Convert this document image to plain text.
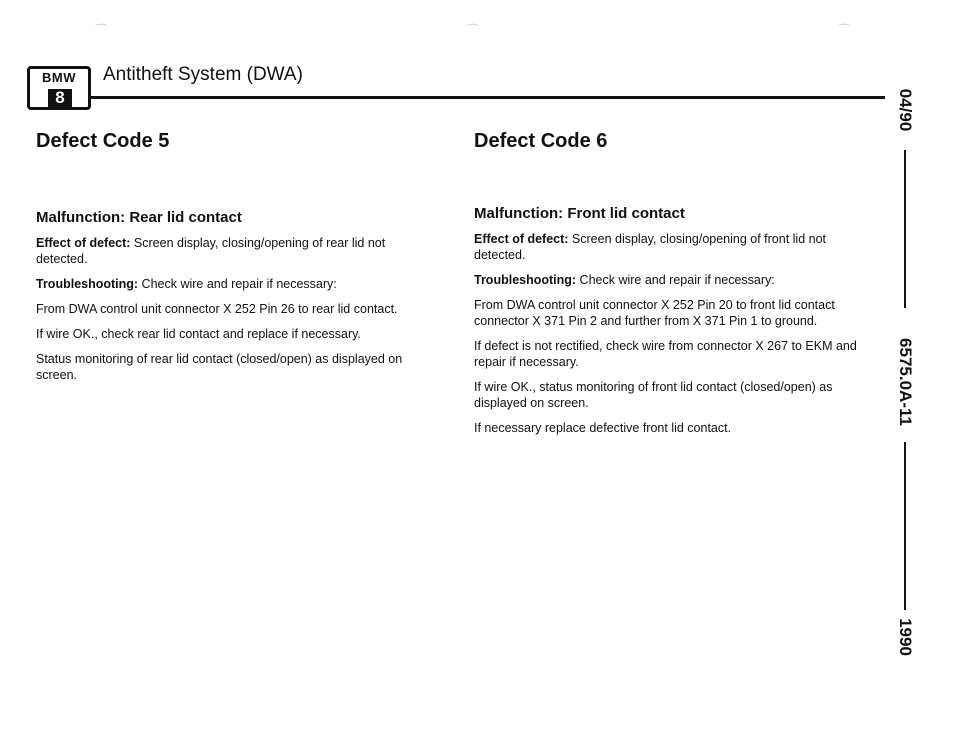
BMW
8
Antitheft System (DWA)
Defect Code 5
Malfunction: Rear lid contact

Effect of defect: Screen display, closing/opening of rear lid not detected.

Troubleshooting: Check wire and repair if necessary:

From DWA control unit connector X 252 Pin 26 to rear lid contact.

If wire OK., check rear lid contact and replace if necessary.

Status monitoring of rear lid contact (closed/open) as displayed on screen.

Defect Code 6
Malfunction: Front lid contact

Effect of defect: Screen display, closing/opening of front lid not detected.

Troubleshooting: Check wire and repair if necessary:

From DWA control unit connector X 252 Pin 20 to front lid contact connector X 371 Pin 2 and further from X 371 Pin 1 to ground.

If defect is not rectified, check wire from connector X 267 to EKM and repair if necessary.

If wire OK., status monitoring of front lid contact (closed/open) as displayed on screen.

If necessary replace defective front lid contact.

04/90
6575.0A-11
1990
⌒	⌒	⌒
